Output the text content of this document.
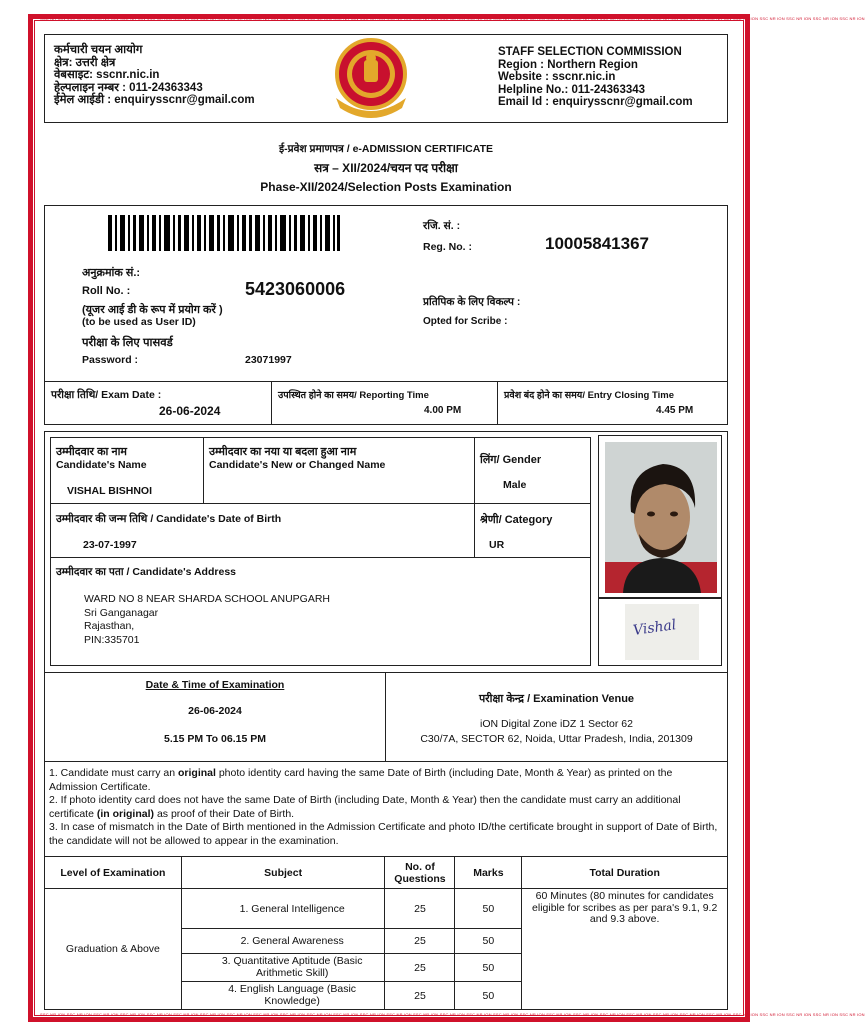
SSC NR ION SSC NR ION SSC NR ION SSC NR ION SSC NR ION SSC NR ION SSC NR ION SSC NR ION SSC NR ION SSC NR ION SSC NR ION SSC NR ION SSC NR ION SSC NR ION SSC NR ION SSC NR ION SSC NR ION SSC NR ION SSC NR ION SSC NR ION SSC NR ION SSC NR ION SSC NR ION SSC NR ION SSC NR ION SSC NR ION SSC NR ION SSC NR ION SSC NR ION SSC NR ION SSC NR ION
SSC NR ION SSC NR ION SSC NR ION SSC NR ION SSC NR ION SSC NR ION SSC NR ION SSC NR ION SSC NR ION SSC NR ION SSC NR ION SSC NR ION SSC NR ION SSC NR ION SSC NR ION SSC NR ION SSC NR ION SSC NR ION SSC NR ION SSC NR ION SSC NR ION SSC NR ION SSC NR ION SSC NR ION SSC NR ION SSC NR ION SSC NR ION SSC NR ION SSC NR ION SSC NR ION SSC NR ION
कर्मचारी चयन आयोग
क्षेत्र: उत्तरी क्षेत्र
वेबसाइट: sscnr.nic.in
हेल्पलाइन नम्बर : 011-24363343
ईमेल आईडी : enquirysscnr@gmail.com
STAFF SELECTION COMMISSION
Region : Northern Region
Website : sscnr.nic.in
Helpline No.: 011-24363343
Email Id : enquirysscnr@gmail.com
ई-प्रवेश प्रमाणपत्र / e-ADMISSION CERTIFICATE
सत्र – XII/2024/चयन पद परीक्षा
Phase-XII/2024/Selection Posts Examination
रजि. सं. :
Reg. No. :	10005841367
अनुक्रमांक सं.:
Roll No. :	5423060006
(यूजर आई डी के रूप में प्रयोग करें )
(to be used as User ID)
प्रतिपिक के लिए विकल्प :
Opted for Scribe :
परीक्षा के लिए पासवर्ड
Password :	23071997
परीक्षा तिथि/ Exam Date :
26-06-2024
उपस्थित होने का समय/ Reporting Time
4.00 PM
प्रवेश बंद होने का समय/ Entry Closing Time
4.45 PM
उम्मीदवार का नाम
Candidate's Name
VISHAL BISHNOI
उम्मीदवार का नया या बदला हुआ नाम
Candidate's New or Changed Name	लिंग/ Gender
Male
उम्मीदवार की जन्म तिथि / Candidate's Date of Birth
23-07-1997
श्रेणी/ Category
UR
उम्मीदवार का पता / Candidate's Address
WARD NO 8 NEAR SHARDA SCHOOL ANUPGARH
Sri Ganganagar
Rajasthan,
PIN:335701
Vishal
Date & Time of Examination
26-06-2024
5.15 PM To 06.15 PM
परीक्षा केन्द्र / Examination Venue
iON Digital Zone iDZ 1 Sector 62
C30/7A, SECTOR 62, Noida, Uttar Pradesh, India, 201309
1. Candidate must carry an original photo identity card having the same Date of Birth (including Date, Month & Year) as printed on the Admission Certificate.
2. If photo identity card does not have the same Date of Birth (including Date, Month & Year) then the candidate must carry an additional certificate (in original) as proof of their Date of Birth.
3. In case of mismatch in the Date of Birth mentioned in the Admission Certificate and photo ID/the certificate brought in support of Date of Birth, the candidate will not be allowed to appear in the examination.
Level of Examination	Subject	No. of Questions	Marks	Total Duration
Graduation & Above	1. General Intelligence	25	50	60 Minutes (80 minutes for candidates eligible for scribes as per para's 9.1, 9.2 and 9.3 above.
	2. General Awareness	25	50	
	3. Quantitative Aptitude (Basic Arithmetic Skill)	25	50	
	4. English Language (Basic Knowledge)	25	50	
